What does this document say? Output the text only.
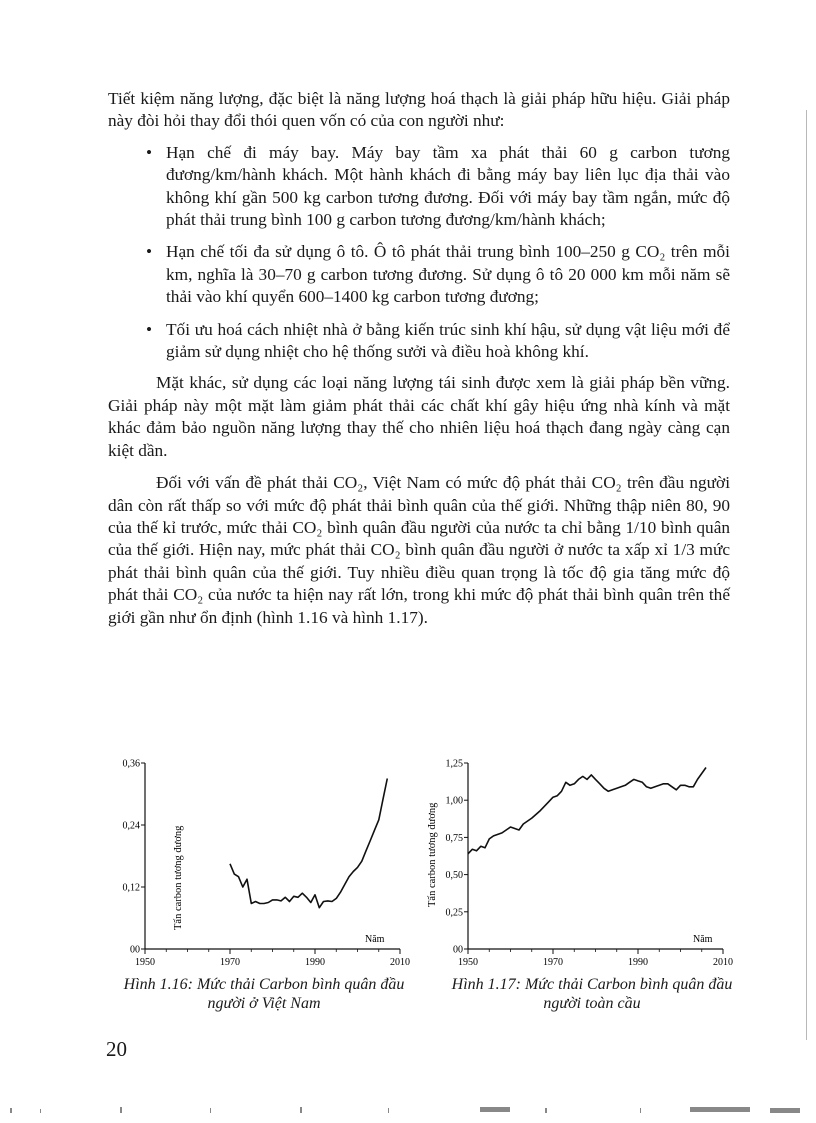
Tiết kiệm năng lượng, đặc biệt là năng lượng hoá thạch là giải pháp hữu hiệu. Giải pháp này đòi hỏi thay đổi thói quen vốn có của con người như:

• Hạn chế đi máy bay. Máy bay tầm xa phát thải 60 g carbon tương đương/km/hành khách. Một hành khách đi bằng máy bay liên lục địa thải vào không khí gần 500 kg carbon tương đương. Đối với máy bay tầm ngắn, mức độ phát thải trung bình 100 g carbon tương đương/km/hành khách;
• Hạn chế tối đa sử dụng ô tô. Ô tô phát thải trung bình 100–250 g CO₂ trên mỗi km, nghĩa là 30–70 g carbon tương đương. Sử dụng ô tô 20 000 km mỗi năm sẽ thải vào khí quyển 600–1400 kg carbon tương đương;
• Tối ưu hoá cách nhiệt nhà ở bằng kiến trúc sinh khí hậu, sử dụng vật liệu mới để giảm sử dụng nhiệt cho hệ thống sưởi và điều hoà không khí.

Mặt khác, sử dụng các loại năng lượng tái sinh được xem là giải pháp bền vững. Giải pháp này một mặt làm giảm phát thải các chất khí gây hiệu ứng nhà kính và mặt khác đảm bảo nguồn năng lượng thay thế cho nhiên liệu hoá thạch đang ngày càng cạn kiệt dần.

Đối với vấn đề phát thải CO₂, Việt Nam có mức độ phát thải CO₂ trên đầu người dân còn rất thấp so với mức độ phát thải bình quân của thế giới. Những thập niên 80, 90 của thế kỉ trước, mức thải CO₂ bình quân đầu người của nước ta chỉ bằng 1/10 bình quân của thế giới. Hiện nay, mức phát thải CO₂ bình quân đầu người ở nước ta xấp xỉ 1/3 mức phát thải bình quân của thế giới. Tuy nhiều điều quan trọng là tốc độ gia tăng mức độ phát thải CO₂ của nước ta hiện nay rất lớn, trong khi mức độ phát thải bình quân trên thế giới gần như ổn định (hình 1.16 và hình 1.17).

00
0,12
0,24
0,36
1950	1970	1990	2010
Tấn carbon tương đương
Năm
00
0,25
0,50
0,75
1,00
1,25
1950	1970	1990	2010
Tấn carbon tương đương
Năm
Hình 1.16: Mức thải Carbon bình quân đầu người ở Việt Nam
Hình 1.17: Mức thải Carbon bình quân đầu người toàn cầu
20
